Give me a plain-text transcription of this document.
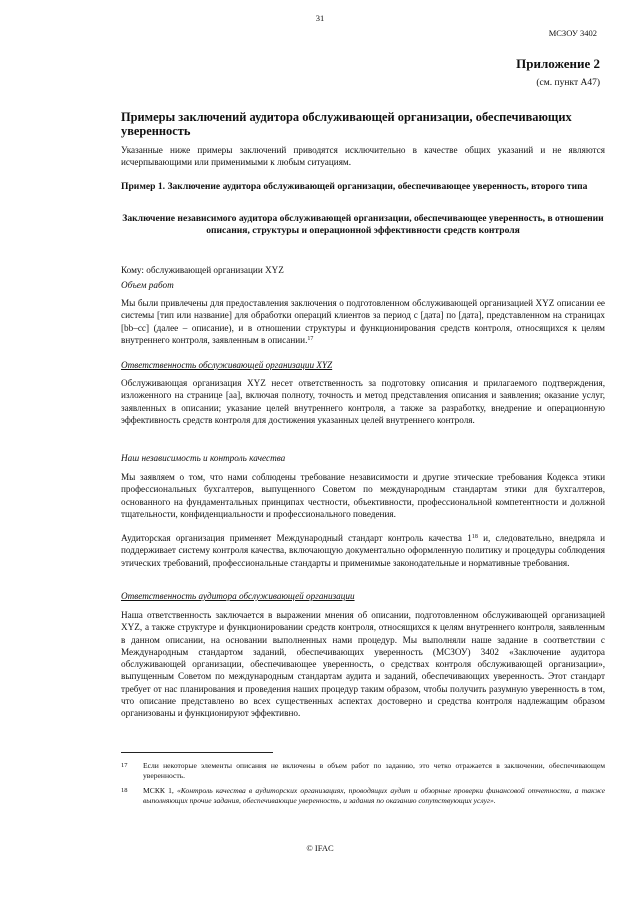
31
МСЗОУ 3402
Приложение 2
(см. пункт A47)
Примеры заключений аудитора обслуживающей организации, обеспечивающих уверенность

Указанные ниже примеры заключений приводятся исключительно в качестве общих указаний и не являются исчерпывающими или применимыми к любым ситуациям.

Пример 1. Заключение аудитора обслуживающей организации, обеспечивающее уверенность, второго типа
Заключение независимого аудитора обслуживающей организации, обеспечивающее уверенность, в отношении описания, структуры и операционной эффективности средств контроля
Кому: обслуживающей организации XYZ
Объем работ
Мы были привлечены для предоставления заключения о подготовленном обслуживающей организацией XYZ описании ее системы [тип или название] для обработки операций клиентов за период с [дата] по [дата], представленном на страницах [bb–cc] (далее – описание), и в отношении структуры и функционирования средств контроля, относящихся к целям внутреннего контроля, заявленным в описании.$^{17}$
Ответственность обслуживающей организации XYZ

Обслуживающая организация XYZ несет ответственность за подготовку описания и прилагаемого подтверждения, изложенного на странице [aa], включая полноту, точность и метод представления описания и заявления; оказание услуг, заявленных в описании; указание целей внутреннего контроля, а также за разработку, внедрение и операционную эффективность средств контроля для достижения указанных целей внутреннего контроля.

Наш независимость и контроль качества

Мы заявляем о том, что нами соблюдены требование независимости и другие этические требования Кодекса этики профессиональных бухгалтеров, выпущенного Советом по международным стандартам этики для бухгалтеров, основанного на фундаментальных принципах честности, объективности, профессиональной компетентности и должной тщательности, конфиденциальности и профессионального поведения.

Аудиторская организация применяет Международный стандарт контроль качества $1^{18}$ и, следовательно, внедряла и поддерживает систему контроля качества, включающую документально оформленную политику и процедуры соблюдения этических требований, профессиональные стандарты и применимые законодательные и нормативные требования.
Ответственность аудитора обслуживающей организации

Наша ответственность заключается в выражении мнения об описании, подготовленном обслуживающей организацией XYZ, а также структуре и функционировании средств контроля, относящихся к целям внутреннего контроля, заявленным в данном описании, на основании выполненных нами процедур. Мы выполняли наше задание в соответствии с Международным стандартом заданий, обеспечивающих уверенность (МСЗОУ) 3402 «Заключение аудитора обслуживающей организации, обеспечивающее уверенность, о средствах контроля обслуживающей организации», выпущенным Советом по международным стандартам аудита и заданий, обеспечивающих уверенность. Этот стандарт требует от нас планирования и проведения наших процедур таким образом, чтобы получить разумную уверенность в том, что описание представлено во всех существенных аспектах достоверно и средства контроля надлежащим образом организованы и функционируют эффективно.

17 Если некоторые элементы описания не включены в объем работ по заданию, это четко отражается в заключении, обеспечивающем уверенность.
18 МСКК 1, «Контроль качества в аудиторских организациях, проводящих аудит и обзорные проверки финансовой отчетности, а также выполняющих прочие задания, обеспечивающие уверенность, и задания по оказанию сопутствующих услуг».
© IFAC
